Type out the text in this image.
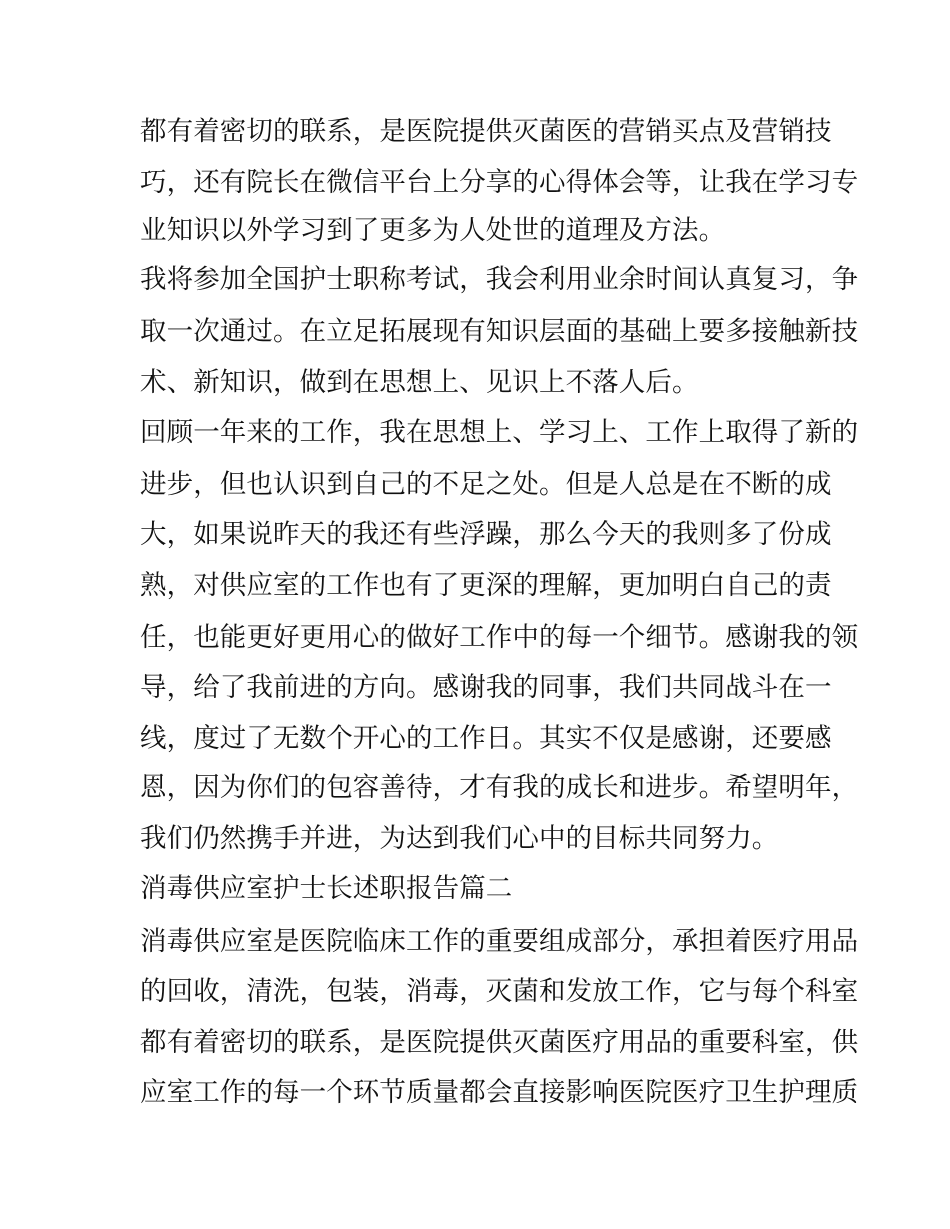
都有着密切的联系，是医院提供灭菌医的营销买点及营销技
巧，还有院长在微信平台上分享的心得体会等，让我在学习专
业知识以外学习到了更多为人处世的道理及方法。
我将参加全国护士职称考试，我会利用业余时间认真复习，争
取一次通过。在立足拓展现有知识层面的基础上要多接触新技
术、新知识，做到在思想上、见识上不落人后。
回顾一年来的工作，我在思想上、学习上、工作上取得了新的
进步，但也认识到自己的不足之处。但是人总是在不断的成
大，如果说昨天的我还有些浮躁，那么今天的我则多了份成
熟，对供应室的工作也有了更深的理解，更加明白自己的责
任，也能更好更用心的做好工作中的每一个细节。感谢我的领
导，给了我前进的方向。感谢我的同事，我们共同战斗在一
线，度过了无数个开心的工作日。其实不仅是感谢，还要感
恩，因为你们的包容善待，才有我的成长和进步。希望明年，
我们仍然携手并进，为达到我们心中的目标共同努力。
消毒供应室护士长述职报告篇二
消毒供应室是医院临床工作的重要组成部分，承担着医疗用品
的回收，清洗，包装，消毒，灭菌和发放工作，它与每个科室
都有着密切的联系，是医院提供灭菌医疗用品的重要科室，供
应室工作的每一个环节质量都会直接影响医院医疗卫生护理质
